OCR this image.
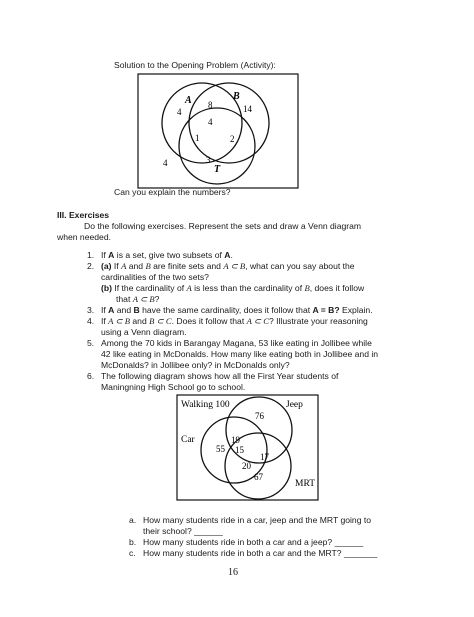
Solution to the Opening Problem (Activity):
A	B
T
4
8	14
4
1	2
3
4
Walking 100	Jeep
Car
MRT
76
55
19
15
17
20
67
Can you explain the numbers?
III. Exercises
Do the following exercises. Represent the sets and draw a Venn diagram
when needed.
1. If A is a set, give two subsets of A.
2. (a) If A and B are finite sets and A ⊂ B, what can you say about the
cardinalities of the two sets?
(b) If the cardinality of A is less than the cardinality of B, does it follow
that A ⊂ B?
3. If A and B have the same cardinality, does it follow that A = B? Explain.
4. If A ⊂ B and B ⊂ C. Does it follow that A ⊂ C? Illustrate your reasoning
using a Venn diagram.
5. Among the 70 kids in Barangay Magana, 53 like eating in Jollibee while
42 like eating in McDonalds. How many like eating both in Jollibee and in
McDonalds? in Jollibee only? in McDonalds only?
6. The following diagram shows how all the First Year students of
Maningning High School go to school.
a. How many students ride in a car, jeep and the MRT going to
their school? ______
b. How many students ride in both a car and a jeep? ______
c. How many students ride in both a car and the MRT? _______
16
